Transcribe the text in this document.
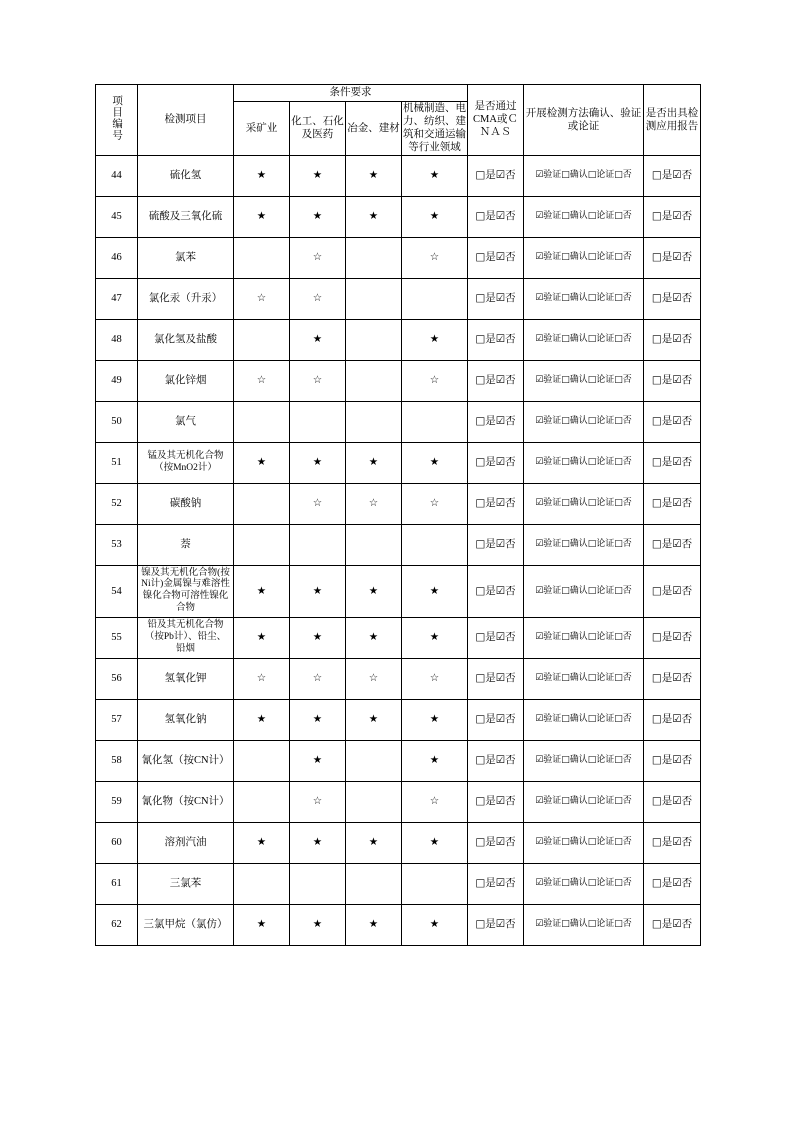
项目编号	检测项目	条件要求				是否通过CMA或ＣＮＡＳ	开展检测方法确认、验证或论证	是否出具检测应用报告
		采矿业	化工、石化及医药	冶金、建材	机械制造、电力、纺织、建筑和交通运输等行业领域			
44	硫化氢	★	★	★	★	□是☑否	☑验证□确认□论证□否	□是☑否
45	硫酸及三氧化硫	★	★	★	★	□是☑否	☑验证□确认□论证□否	□是☑否
46	氯苯		☆		☆	□是☑否	☑验证□确认□论证□否	□是☑否
47	氯化汞（升汞）	☆	☆			□是☑否	☑验证□确认□论证□否	□是☑否
48	氯化氢及盐酸		★		★	□是☑否	☑验证□确认□论证□否	□是☑否
49	氯化锌烟	☆	☆		☆	□是☑否	☑验证□确认□论证□否	□是☑否
50	氯气					□是☑否	☑验证□确认□论证□否	□是☑否
51	锰及其无机化合物（按MnO2计）	★	★	★	★	□是☑否	☑验证□确认□论证□否	□是☑否
52	碳酸钠		☆	☆	☆	□是☑否	☑验证□确认□论证□否	□是☑否
53	萘					□是☑否	☑验证□确认□论证□否	□是☑否
54	镍及其无机化合物(按Ni计)金属镍与难溶性镍化合物可溶性镍化合物	★	★	★	★	□是☑否	☑验证□确认□论证□否	□是☑否
55	铅及其无机化合物（按Pb计）、铅尘、铅烟	★	★	★	★	□是☑否	☑验证□确认□论证□否	□是☑否
56	氢氧化钾	☆	☆	☆	☆	□是☑否	☑验证□确认□论证□否	□是☑否
57	氢氧化钠	★	★	★	★	□是☑否	☑验证□确认□论证□否	□是☑否
58	氰化氢（按CN计）		★		★	□是☑否	☑验证□确认□论证□否	□是☑否
59	氰化物（按CN计）		☆		☆	□是☑否	☑验证□确认□论证□否	□是☑否
60	溶剂汽油	★	★	★	★	□是☑否	☑验证□确认□论证□否	□是☑否
61	三氯苯					□是☑否	☑验证□确认□论证□否	□是☑否
62	三氯甲烷（氯仿）	★	★	★	★	□是☑否	☑验证□确认□论证□否	□是☑否
